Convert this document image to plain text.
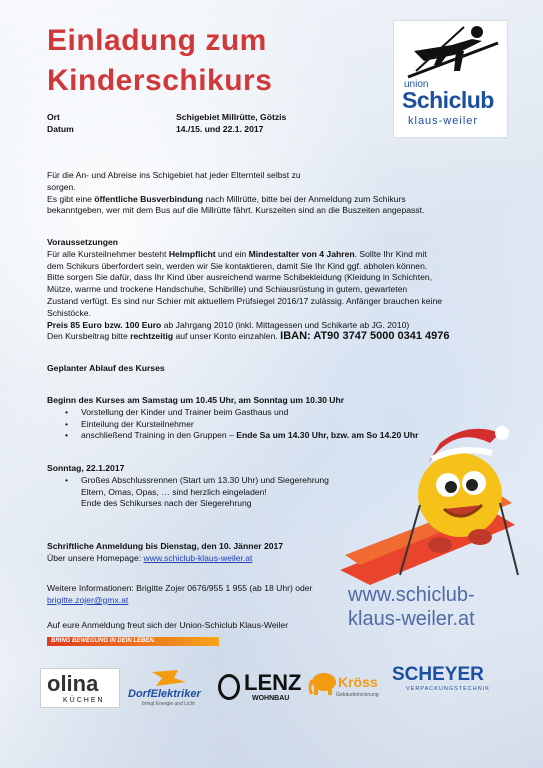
Einladung zum
Kinderschikurs
Ort	Schigebiet Millrütte, Götzis
Datum	14./15. und 22.1. 2017
union
Schiclub
klaus-weiler
Für die An- und Abreise ins Schigebiet hat jeder Elternteil selbst zu
sorgen.
Es gibt eine öffentliche Busverbindung nach Millrütte, bitte bei der Anmeldung zum Schikurs
bekanntgeben, wer mit dem Bus auf die Millrütte fährt. Kurszeiten sind an die Buszeiten angepasst.
Voraussetzungen
Für alle Kursteilnehmer besteht Helmpflicht und ein Mindestalter von 4 Jahren. Sollte Ihr Kind mit
dem Schikurs überfordert sein, werden wir Sie kontaktieren, damit Sie Ihr Kind ggf. abholen können.
Bitte sorgen Sie dafür, dass Ihr Kind über ausreichend warme Schibekleidung (Kleidung in Schichten,
Mütze, warme und trockene Handschuhe, Schibrille) und Schiausrüstung in gutem, gewarteten
Zustand verfügt. Es sind nur Schier mit aktuellem Prüfsiegel 2016/17 zulässig. Anfänger brauchen keine
Schistöcke.
Preis 85 Euro bzw. 100 Euro ab Jahrgang 2010 (inkl. Mittagessen und Schikarte ab JG. 2010)
Den Kursbeitrag bitte rechtzeitig auf unser Konto einzahlen. IBAN: AT90 3747 5000 0341 4976
Geplanter Ablauf des Kurses
Beginn des Kurses am Samstag um 10.45 Uhr, am Sonntag um 10.30 Uhr
• Vorstellung der Kinder und Trainer beim Gasthaus und
• Einteilung der Kursteilnehmer
• anschließend Training in den Gruppen – Ende Sa um 14.30 Uhr, bzw. am So 14.20 Uhr
Sonntag, 22.1.2017
• Großes Abschlussrennen (Start um 13.30 Uhr) und Siegerehrung
Eltern, Omas, Opas, … sind herzlich eingeladen!
Ende des Schikurses nach der Siegerehrung
Schriftliche Anmeldung bis Dienstag, den 10. Jänner 2017
Über unsere Homepage: www.schiclub-klaus-weiler.at
Weitere Informationen: Brigitte Zojer 0676/955 1 955 (ab 18 Uhr) oder
brigitte.zojer@gmx.at
Auf eure Anmeldung freut sich der Union-Schiclub Klaus-Weiler
www.schiclub-
klaus-weiler.at
BRING BEWEGUNG IN DEIN LEBEN.
olina
KÜCHEN
DorfElektriker
bringt Energie und Licht
LENZ
WOHNBAU
Kröss
Gebäudetrocknung
SCHEYER
VERPACKUNGSTECHNIK
